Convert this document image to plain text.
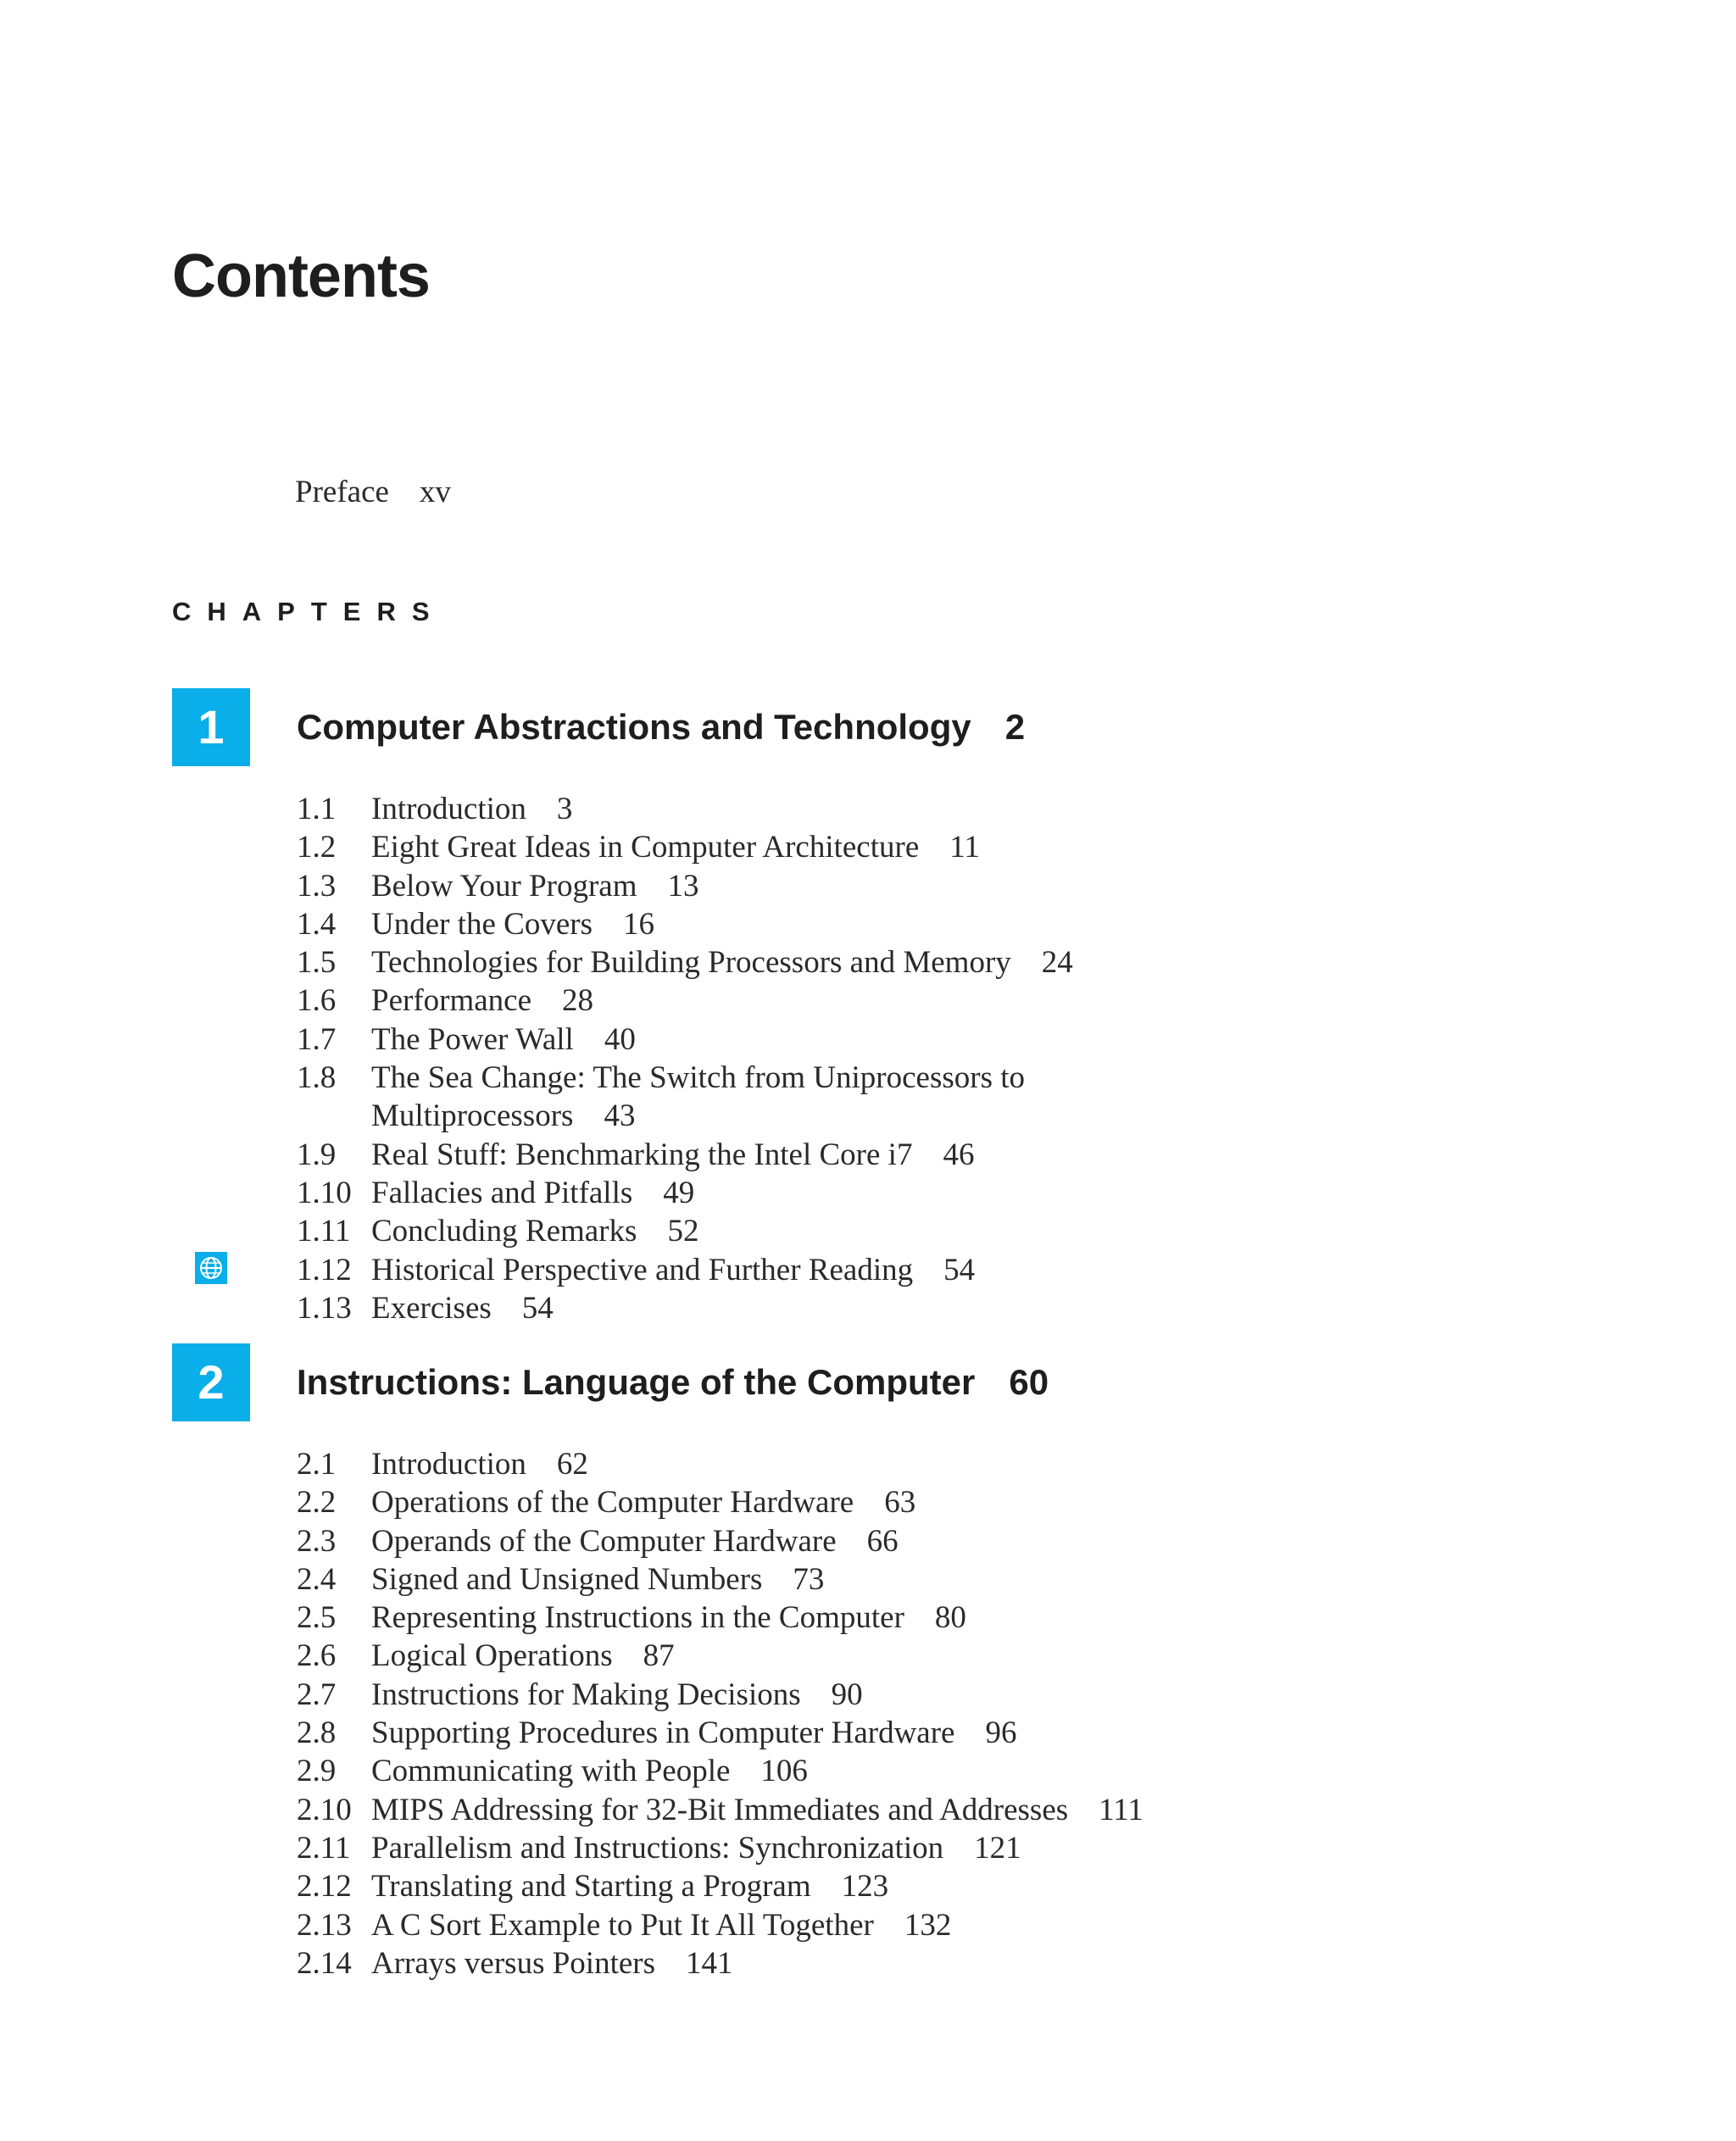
Contents
Preface xv
CHAPTERS
1	Computer Abstractions and Technology 2
1.1	Introduction 3
1.2	Eight Great Ideas in Computer Architecture 11
1.3	Below Your Program 13
1.4	Under the Covers 16
1.5	Technologies for Building Processors and Memory 24
1.6	Performance 28
1.7	The Power Wall 40
1.8	The Sea Change: The Switch from Uniprocessors to
Multiprocessors 43
1.9	Real Stuff: Benchmarking the Intel Core i7 46
1.10 Fallacies and Pitfalls 49
1.11 Concluding Remarks 52
1.12 Historical Perspective and Further Reading 54
1.13 Exercises 54
2	Instructions: Language of the Computer 60
2.1	Introduction 62
2.2	Operations of the Computer Hardware 63
2.3	Operands of the Computer Hardware 66
2.4	Signed and Unsigned Numbers 73
2.5	Representing Instructions in the Computer 80
2.6	Logical Operations 87
2.7	Instructions for Making Decisions 90
2.8	Supporting Procedures in Computer Hardware 96
2.9	Communicating with People 106
2.10 MIPS Addressing for 32-Bit Immediates and Addresses 111
2.11 Parallelism and Instructions: Synchronization 121
2.12 Translating and Starting a Program 123
2.13 A C Sort Example to Put It All Together 132
2.14 Arrays versus Pointers 141
